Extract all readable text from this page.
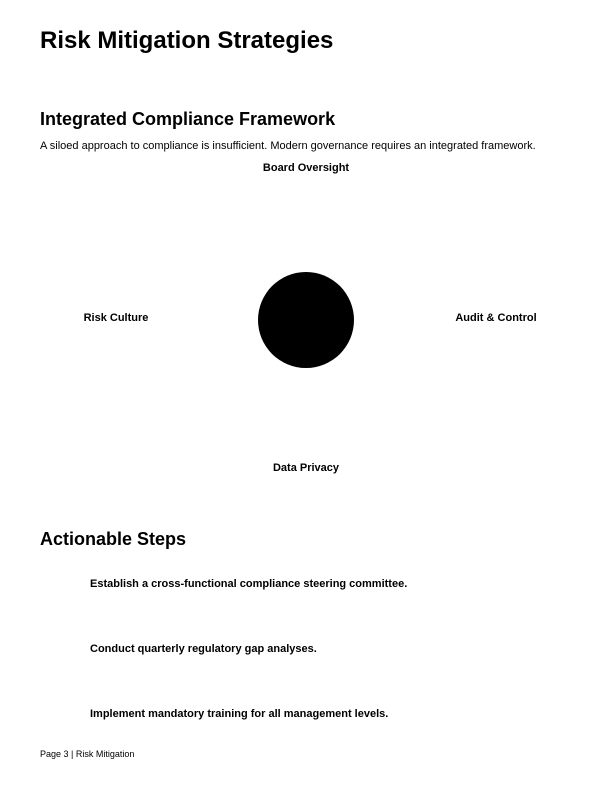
Risk Mitigation Strategies
Integrated Compliance Framework

A siloed approach to compliance is insufficient. Modern governance requires an integrated framework.

Board Oversight
Risk Culture	Audit & Control
Data Privacy
Actionable Steps

Establish a cross-functional compliance steering committee.

Conduct quarterly regulatory gap analyses.

Implement mandatory training for all management levels.

Page 3 | Risk Mitigation
